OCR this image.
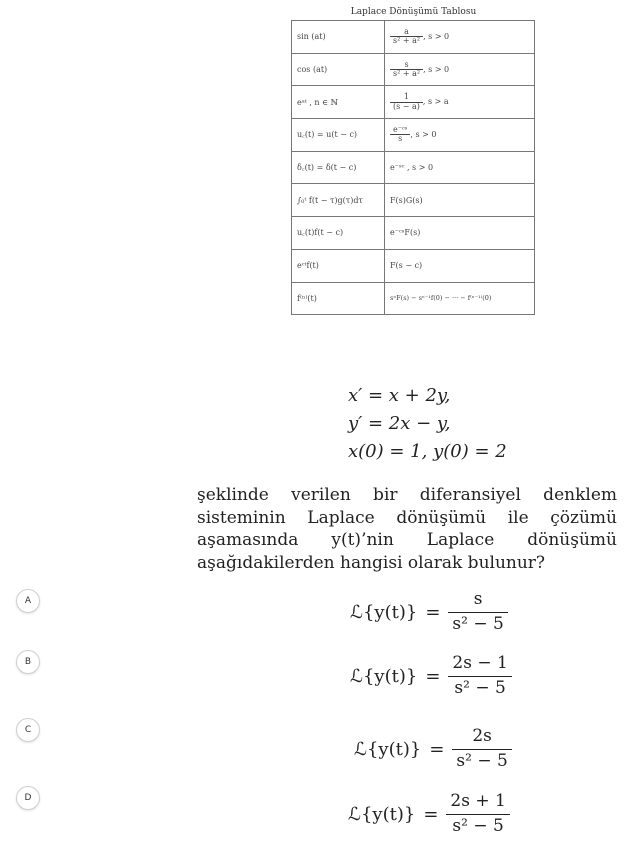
Laplace Dönüşümü Tablosu
sin (at)	$\frac{a}{\text{s² + a²}}$ , s > 0
cos (at)	$\frac{s}{\text{s² + a²}}$ , s > 0
eᵃᵗ , n ∈ ℕ	$\frac{1}{(s - a)}$ , s > a
u꜀(t) = u(t − c)	$\frac{\text{e⁻ᶜˢ}}{s}$ , s > 0
δ꜀(t) = δ(t − c)	e⁻ˢᶜ , s > 0
∫₀ᵗ f(t − τ)g(τ)dτ	F(s)G(s)
u꜀(t)f(t − c)	e⁻ᶜˢF(s)
eᶜᵗf(t)	F(s − c)
f⁽ⁿ⁾(t)	sⁿF(s) − sⁿ⁻¹f(0) − ··· − f⁽ⁿ⁻¹⁾(0)
x′ = x + 2y,
y′ = 2x − y,
x(0) = 1, y(0) = 2
şeklinde verilen bir diferansiyel denklem sisteminin Laplace dönüşümü ile çözümü aşamasında y(t)’nin Laplace dönüşümü aşağıdakilerden hangisi olarak bulunur?
A
ℒ{y(t)} = $\frac{s}{\text{s² − 5}}$
B
ℒ{y(t)} = $\frac{2s - 1}{\text{s² − 5}}$
C
ℒ{y(t)} = $\frac{2s}{\text{s² − 5}}$
D
ℒ{y(t)} = $\frac{2s + 1}{\text{s² − 5}}$
